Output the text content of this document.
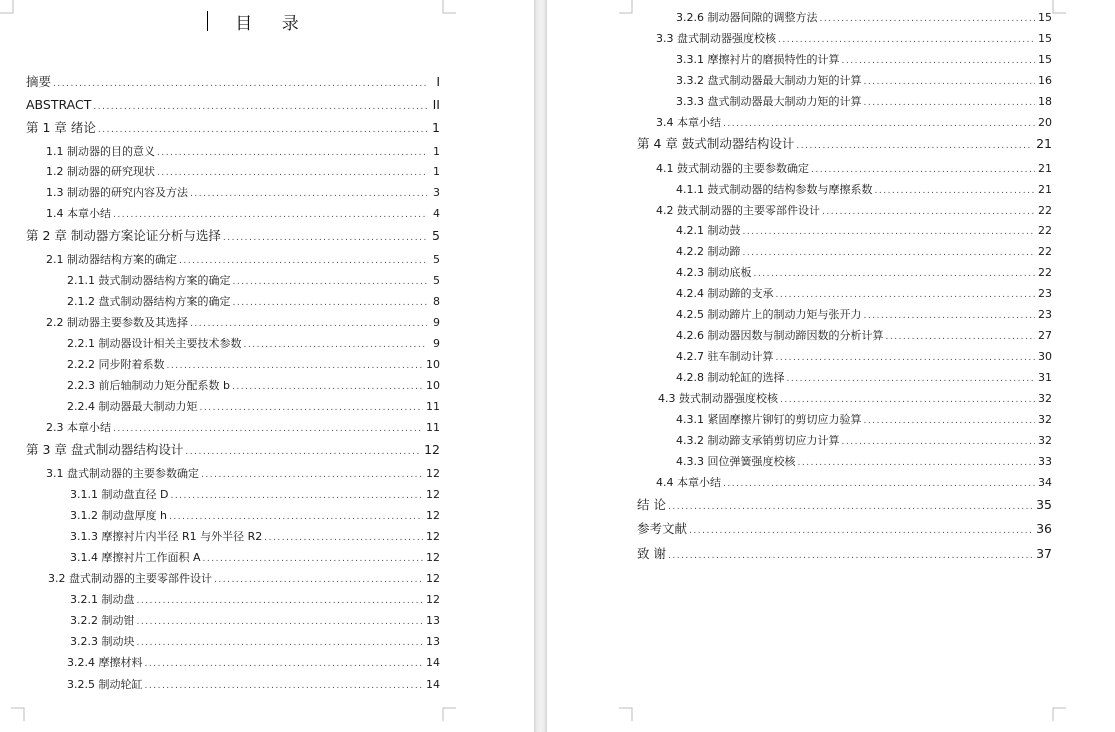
目 录
摘要 .....	I
ABSTRACT .....	II
第 1 章 绪论 .....	1
1.1 制动器的目的意义 .....	1
1.2 制动器的研究现状 .....	1
1.3 制动器的研究内容及方法 .....	3
1.4 本章小结 .....	4
第 2 章 制动器方案论证分析与选择 .....	5
2.1 制动器结构方案的确定 .....	5
2.1.1 鼓式制动器结构方案的确定 .....	5
2.1.2 盘式制动器结构方案的确定 .....	8
2.2 制动器主要参数及其选择 .....	9
2.2.1 制动器设计相关主要技术参数 .....	9
2.2.2 同步附着系数 .....	10
2.2.3 前后轴制动力矩分配系数 b .....	10
2.2.4 制动器最大制动力矩 .....	11
2.3 本章小结 .....	11
第 3 章 盘式制动器结构设计 .....	12
3.1 盘式制动器的主要参数确定 .....	12
3.1.1 制动盘直径 D .....	12
3.1.2 制动盘厚度 h .....	12
3.1.3 摩擦衬片内半径 R1 与外半径 R2 .....	12
3.1.4 摩擦衬片工作面积 A .....	12
3.2 盘式制动器的主要零部件设计 .....	12
3.2.1 制动盘 .....	12
3.2.2 制动钳 .....	13
3.2.3 制动块 .....	13
3.2.4 摩擦材料 .....	14
3.2.5 制动轮缸 .....	14
3.2.6 制动器间隙的调整方法 .....	15
3.3 盘式制动器强度校核 .....	15
3.3.1 摩擦衬片的磨损特性的计算 .....	15
3.3.2 盘式制动器最大制动力矩的计算 .....	16
3.3.3 盘式制动器最大制动力矩的计算 .....	18
3.4 本章小结 .....	20
第 4 章 鼓式制动器结构设计 .....	21
4.1 鼓式制动器的主要参数确定 .....	21
4.1.1 鼓式制动器的结构参数与摩擦系数 .....	21
4.2 鼓式制动器的主要零部件设计 .....	22
4.2.1 制动鼓 .....	22
4.2.2 制动蹄 .....	22
4.2.3 制动底板 .....	22
4.2.4 制动蹄的支承 .....	23
4.2.5 制动蹄片上的制动力矩与张开力 .....	23
4.2.6 制动器因数与制动蹄因数的分析计算 .....	27
4.2.7 驻车制动计算 .....	30
4.2.8 制动轮缸的选择 .....	31
4.3 鼓式制动器强度校核 .....	32
4.3.1 紧固摩擦片铆钉的剪切应力验算 .....	32
4.3.2 制动蹄支承销剪切应力计算 .....	32
4.3.3 回位弹簧强度校核 .....	33
4.4 本章小结 .....	34
结 论 .....	35
参考文献 .....	36
致 谢 .....	37
